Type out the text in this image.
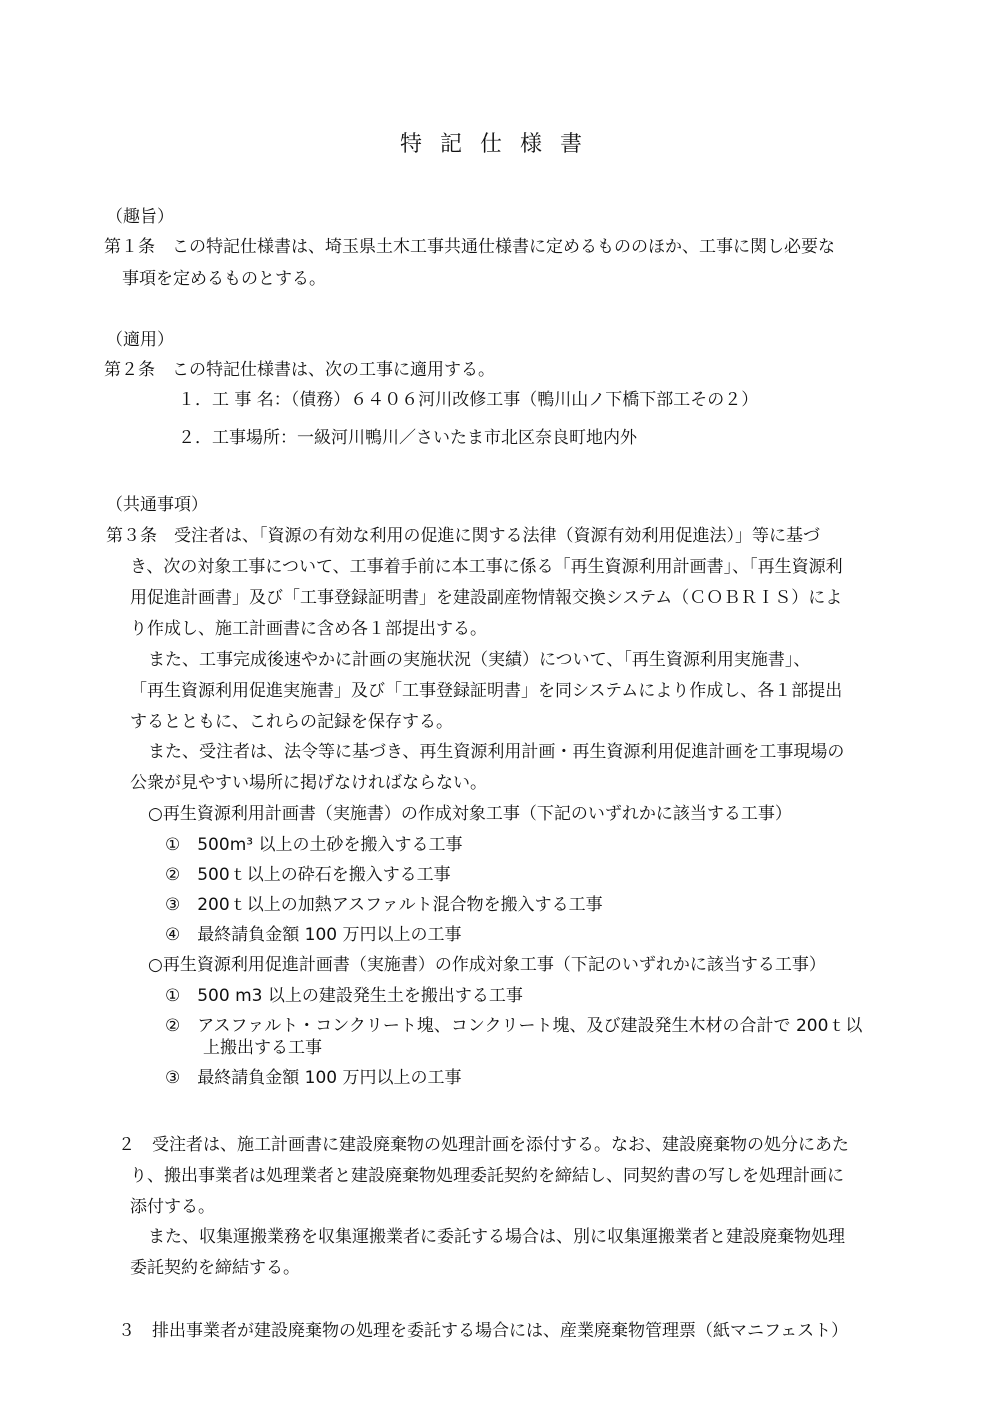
特記仕様書
（趣旨）
第１条　この特記仕様書は、埼玉県土木工事共通仕様書に定めるもののほか、工事に関し必要な
事項を定めるものとする。
（適用）
第２条　この特記仕様書は、次の工事に適用する。
１．工 事 名：（債務）６４０６河川改修工事（鴨川山ノ下橋下部工その２）
２．工事場所：一級河川鴨川／さいたま市北区奈良町地内外
（共通事項）
第３条　受注者は、「資源の有効な利用の促進に関する法律（資源有効利用促進法）」等に基づ
き、次の対象工事について、工事着手前に本工事に係る「再生資源利用計画書」、「再生資源利
用促進計画書」及び「工事登録証明書」を建設副産物情報交換システム（ＣＯＢＲＩＳ）によ
り作成し、施工計画書に含め各１部提出する。
また、工事完成後速やかに計画の実施状況（実績）について、「再生資源利用実施書」、
「再生資源利用促進実施書」及び「工事登録証明書」を同システムにより作成し、各１部提出
するとともに、これらの記録を保存する。
また、受注者は、法令等に基づき、再生資源利用計画・再生資源利用促進計画を工事現場の
公衆が見やすい場所に掲げなければならない。
○再生資源利用計画書（実施書）の作成対象工事（下記のいずれかに該当する工事）
①　500m³ 以上の土砂を搬入する工事
②　500ｔ以上の砕石を搬入する工事
③　200ｔ以上の加熱アスファルト混合物を搬入する工事
④　最終請負金額 100 万円以上の工事
○再生資源利用促進計画書（実施書）の作成対象工事（下記のいずれかに該当する工事）
①　500 m3 以上の建設発生土を搬出する工事
②　アスファルト・コンクリート塊、コンクリート塊、及び建設発生木材の合計で 200ｔ以
上搬出する工事
③　最終請負金額 100 万円以上の工事
２　受注者は、施工計画書に建設廃棄物の処理計画を添付する。なお、建設廃棄物の処分にあた
り、搬出事業者は処理業者と建設廃棄物処理委託契約を締結し、同契約書の写しを処理計画に
添付する。
また、収集運搬業務を収集運搬業者に委託する場合は、別に収集運搬業者と建設廃棄物処理
委託契約を締結する。
３　排出事業者が建設廃棄物の処理を委託する場合には、産業廃棄物管理票（紙マニフェスト）
